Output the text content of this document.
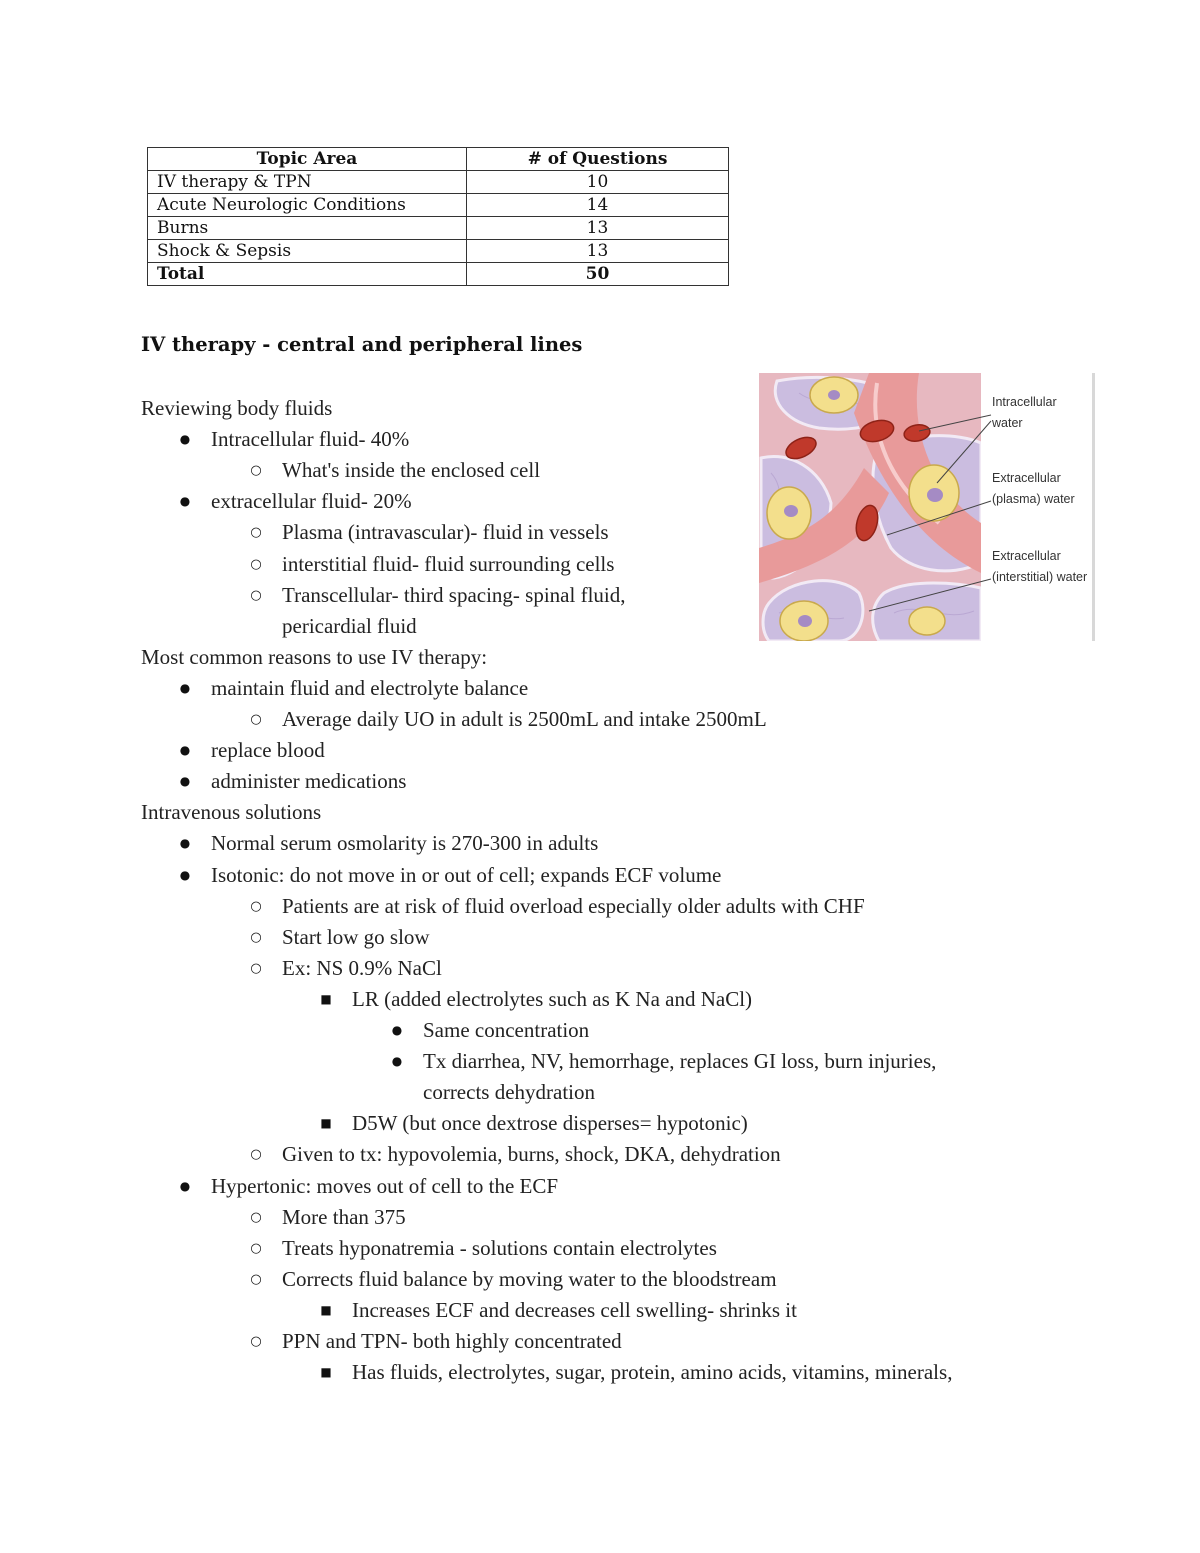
Topic Area	# of Questions
IV therapy & TPN	10
Acute Neurologic Conditions	14
Burns	13
Shock & Sepsis	13
Total	50
IV therapy - central and peripheral lines
Intracellular
water
Extracellular
(plasma) water
Extracellular
(interstitial) water
Reviewing body fluids
● Intracellular fluid- 40%
○ What's inside the enclosed cell
● extracellular fluid- 20%
○ Plasma (intravascular)- fluid in vessels
○ interstitial fluid- fluid surrounding cells
○ Transcellular- third spacing- spinal fluid,
pericardial fluid
Most common reasons to use IV therapy:
● maintain fluid and electrolyte balance
○ Average daily UO in adult is 2500mL and intake 2500mL
● replace blood
● administer medications
Intravenous solutions
● Normal serum osmolarity is 270-300 in adults
● Isotonic: do not move in or out of cell; expands ECF volume
○ Patients are at risk of fluid overload especially older adults with CHF
○ Start low go slow
○ Ex: NS 0.9% NaCl
■ LR (added electrolytes such as K Na and NaCl)
● Same concentration
● Tx diarrhea, NV, hemorrhage, replaces GI loss, burn injuries,
corrects dehydration
■ D5W (but once dextrose disperses= hypotonic)
○ Given to tx: hypovolemia, burns, shock, DKA, dehydration
● Hypertonic: moves out of cell to the ECF
○ More than 375
○ Treats hyponatremia - solutions contain electrolytes
○ Corrects fluid balance by moving water to the bloodstream
■ Increases ECF and decreases cell swelling- shrinks it
○ PPN and TPN- both highly concentrated
■ Has fluids, electrolytes, sugar, protein, amino acids, vitamins, minerals,
